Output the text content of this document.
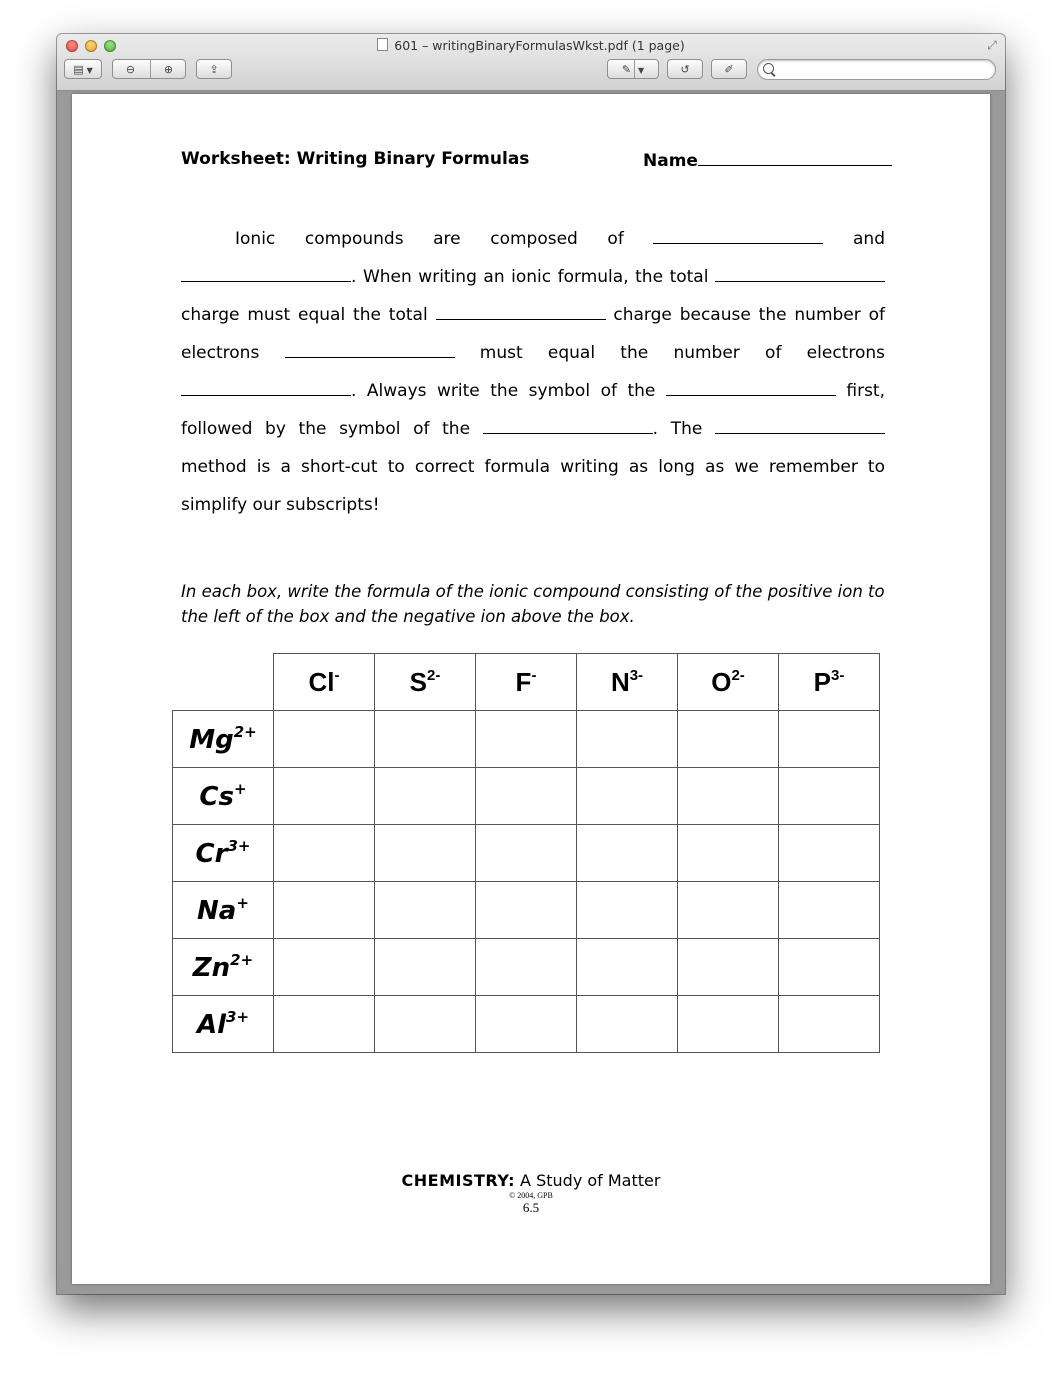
601 – writingBinaryFormulasWkst.pdf (1 page)	⤢
▤ ▼	⊖	⊕	⇪	✎ ▼	↺	✐
Worksheet: Writing Binary Formulas	Name
Ionic compounds are composed of	and . When writing an ionic formula, the total  charge must equal the total	charge because the number of electrons	must equal the number of electrons . Always write the symbol of the	first, followed by the symbol of the	. The  method is a short-cut to correct formula writing as long as we remember to simplify our subscripts!
In each box, write the formula of the ionic compound consisting of the positive ion to the left of the box and the negative ion above the box.
	Cl-	$S^{2-}$	F-	$N^{3-}$	$O^{2-}$	$P^{3-}$
$Mg^{2+}$						
Cs+						
$Cr^{3+}$						
Na+						
$Zn^{2+}$						
$Al^{3+}$						
CHEMISTRY: A Study of Matter
© 2004, GPB
6.5
